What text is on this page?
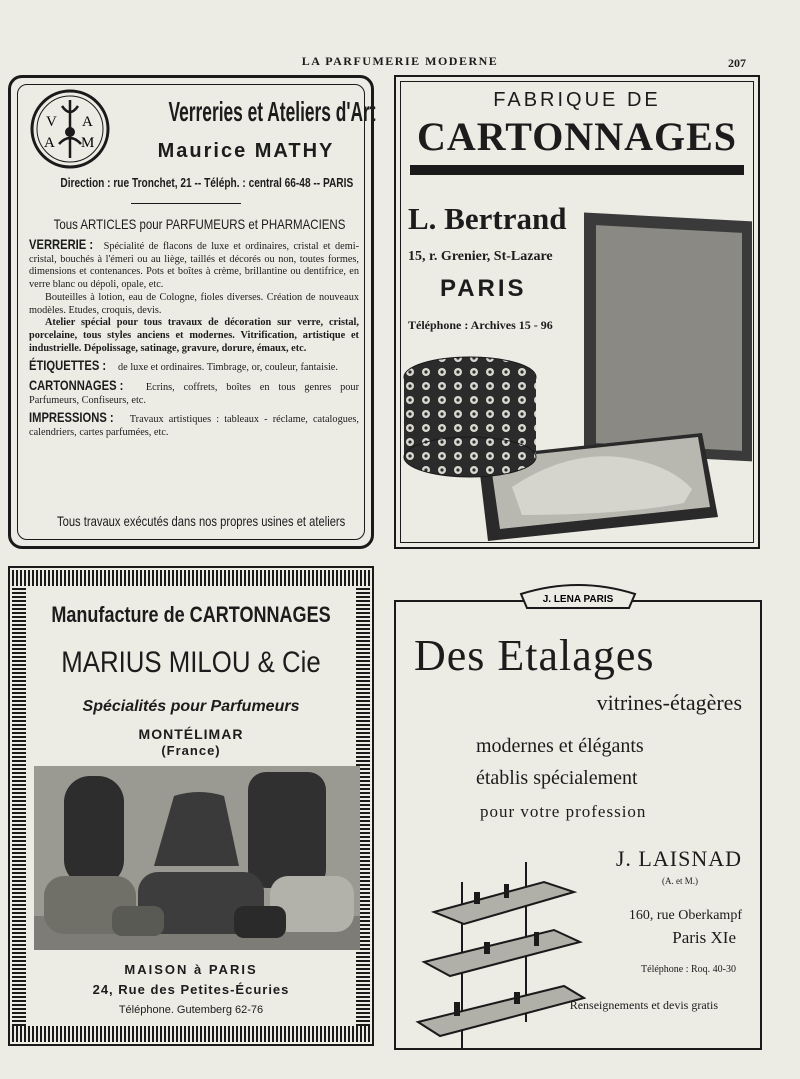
LA PARFUMERIE MODERNE	207
V A
A M
Verreries et Ateliers d'Art
Maurice MATHY
Direction : rue Tronchet, 21 -- Téléph. : central 66-48 -- PARIS
Tous ARTICLES pour PARFUMEURS et PHARMACIENS

VERRERIE : Spécialité de flacons de luxe et ordinaires, cristal et demi-cristal, bouchés à l'émeri ou au liège, taillés et décorés ou non, toutes formes, dimensions et contenances. Pots et boîtes à crème, brillantine ou dentifrice, en verre blanc ou dépoli, opale, etc.

Bouteilles à lotion, eau de Cologne, fioles diverses. Création de nouveaux modèles. Etudes, croquis, devis.

Atelier spécial pour tous travaux de décoration sur verre, cristal, porcelaine, tous styles anciens et modernes. Vitrification, artistique et industrielle. Dépolissage, satinage, gravure, dorure, émaux, etc.

ÉTIQUETTES : de luxe et ordinaires. Timbrage, or, couleur, fantaisie.

CARTONNAGES : Ecrins, coffrets, boîtes en tous genres pour Parfumeurs, Confiseurs, etc.

IMPRESSIONS : Travaux artistiques : tableaux - réclame, catalogues, calendriers, cartes parfumées, etc.

Tous travaux exécutés dans nos propres usines et ateliers
FABRIQUE DE
CARTONNAGES
L. Bertrand
15, r. Grenier, St-Lazare
PARIS
Téléphone : Archives 15 - 96
Manufacture de CARTONNAGES
MARIUS MILOU & Cie
Spécialités pour Parfumeurs
MONTÉLIMAR
(France)
MAISON à PARIS
24, Rue des Petites-Écuries
Téléphone. Gutemberg 62-76
Des Etalages
vitrines-étagères
modernes et élégants
établis spécialement
pour votre profession
J. LAISNAD
(A. et M.)
160, rue Oberkampf
Paris XIe
Téléphone : Roq. 40-30
Renseignements et devis gratis
J. LENA PARIS
